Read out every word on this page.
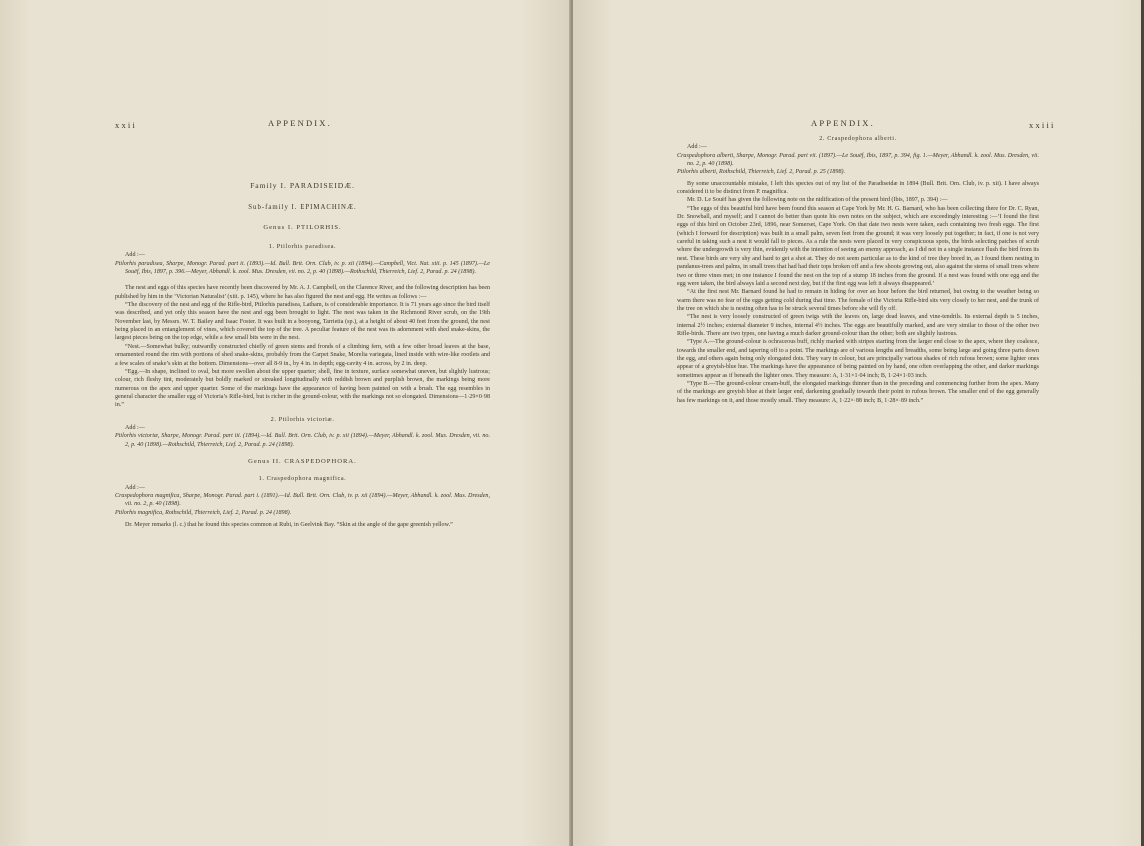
xxii	APPENDIX.

Family I. PARADISEIDÆ.

Sub-family I. EPIMACHINÆ.

Genus I. PTILORHIS.

1. Ptilorhis paradisea.

Add :—

Ptilorhis paradisea, Sharpe, Monogr. Parad. part ii. (1893).—Id. Bull. Brit. Orn. Club, iv. p. xii (1894).—Campbell, Vict. Nat. xiii. p. 145 (1897).—Le Souëf, Ibis, 1897, p. 396.—Meyer, Abhandl. k. zool. Mus. Dresden, vii. no. 2, p. 40 (1898).—Rothschild, Thierreich, Lief. 2, Parad. p. 24 (1898).

The nest and eggs of this species have recently been discovered by Mr. A. J. Campbell, on the Clarence River, and the following description has been published by him in the ‘Victorian Naturalist’ (xiii. p. 145), where he has also figured the nest and egg. He writes as follows :—

“The discovery of the nest and egg of the Rifle-bird, Ptilorhis paradisea, Latham, is of considerable importance. It is 71 years ago since the bird itself was described, and yet only this season have the nest and egg been brought to light. The nest was taken in the Richmond River scrub, on the 19th November last, by Messrs. W. T. Bailey and Isaac Foster. It was built in a booyong, Tarrietia (sp.), at a height of about 40 feet from the ground, the nest being placed in an entanglement of vines, which covered the top of the tree. A peculiar feature of the nest was its adornment with shed snake-skins, the largest pieces being on the top edge, while a few small bits were in the nest.

“Nest.—Somewhat bulky; outwardly constructed chiefly of green stems and fronds of a climbing fern, with a few other broad leaves at the base, ornamented round the rim with portions of shed snake-skins, probably from the Carpet Snake, Morelia variegata, lined inside with wire-like rootlets and a few scales of snake’s skin at the bottom. Dimensions—over all 8-9 in., by 4 in. in depth; egg-cavity 4 in. across, by 2 in. deep.

“Egg.—In shape, inclined to oval, but more swollen about the upper quarter; shell, fine in texture, surface somewhat uneven, but slightly lustrous; colour, rich fleshy tint, moderately but boldly marked or streaked longitudinally with reddish brown and purplish brown, the markings being more numerous on the apex and upper quarter. Some of the markings have the appearance of having been painted on with a brush. The egg resembles in general character the smaller egg of Victoria’s Rifle-bird, but is richer in the ground-colour, with the markings not so elongated. Dimensions—1·29×0·98 in.”

2. Ptilorhis victoriæ.

Add :—

Ptilorhis victoriæ, Sharpe, Monogr. Parad. part iii. (1894).—Id. Bull. Brit. Orn. Club, iv. p. xii (1894).—Meyer, Abhandl. k. zool. Mus. Dresden, vii. no. 2, p. 40 (1898).—Rothschild, Thierreich, Lief. 2, Parad. p. 24 (1898).

Genus II. CRASPEDOPHORA.

1. Craspedophora magnifica.

Add :—

Craspedophora magnifica, Sharpe, Monogr. Parad. part i. (1891).—Id. Bull. Brit. Orn. Club, iv. p. xii (1894).—Meyer, Abhandl. k. zool. Mus. Dresden, vii. no. 2, p. 40 (1898).

Ptilorhis magnifica, Rothschild, Thierreich, Lief. 2, Parad. p. 24 (1898).

Dr. Meyer remarks (l. c.) that he found this species common at Rubi, in Geelvink Bay. “Skin at the angle of the gape greenish yellow.”

APPENDIX.	xxiii

2. Craspedophora alberti.

Add :—

Craspedophora alberti, Sharpe, Monogr. Parad. part vii. (1897).—Le Souëf, Ibis, 1897, p. 394, fig. 1.—Meyer, Abhandl. k. zool. Mus. Dresden, vii. no. 2, p. 40 (1898).

Ptilorhis alberti, Rothschild, Thierreich, Lief. 2, Parad. p. 25 (1898).

By some unaccountable mistake, I left this species out of my list of the Paradiseidæ in 1894 (Bull. Brit. Orn. Club, iv. p. xii). I have always considered it to be distinct from P. magnifica.

Mr. D. Le Souëf has given the following note on the nidification of the present bird (Ibis, 1897, p. 394) :—

“The eggs of this beautiful bird have been found this season at Cape York by Mr. H. G. Barnard, who has been collecting there for Dr. C. Ryan, Dr. Snowball, and myself; and I cannot do better than quote his own notes on the subject, which are exceedingly interesting :—‘I found the first eggs of this bird on October 23rd, 1896, near Somerset, Cape York. On that date two nests were taken, each containing two fresh eggs. The first (which I forward for description) was built in a small palm, seven feet from the ground; it was very loosely put together; in fact, if one is not very careful in taking such a nest it would fall to pieces. As a rule the nests were placed in very conspicuous spots, the birds selecting patches of scrub where the undergrowth is very thin, evidently with the intention of seeing an enemy approach, as I did not in a single instance flush the bird from its nest. These birds are very shy and hard to get a shot at. They do not seem particular as to the kind of tree they breed in, as I found them nesting in pandanus-trees and palms, in small trees that had had their tops broken off and a few shoots growing out, also against the stems of small trees where two or three vines met; in one instance I found the nest on the top of a stump 18 inches from the ground. If a nest was found with one egg and the egg were taken, the bird always laid a second next day, but if the first egg was left it always disappeared.’

“At the first nest Mr. Barnard found he had to remain in hiding for over an hour before the bird returned, but owing to the weather being so warm there was no fear of the eggs getting cold during that time. The female of the Victoria Rifle-bird sits very closely to her nest, and the trunk of the tree on which she is nesting often has to be struck several times before she will fly off.

“The nest is very loosely constructed of green twigs with the leaves on, large dead leaves, and vine-tendrils. Its external depth is 5 inches, internal 2½ inches; external diameter 9 inches, internal 4½ inches. The eggs are beautifully marked, and are very similar to those of the other two Rifle-birds. There are two types, one having a much darker ground-colour than the other; both are slightly lustrous.

“Type A.—The ground-colour is ochraceous buff, richly marked with stripes starting from the larger end close to the apex, where they coalesce, towards the smaller end, and tapering off to a point. The markings are of various lengths and breadths, some being large and going three parts down the egg, and others again being only elongated dots. They vary in colour, but are principally various shades of rich rufous brown; some lighter ones appear of a greyish-blue hue. The markings have the appearance of being painted on by hand, one often overlapping the other, and darker markings sometimes appear as if beneath the lighter ones. They measure: A, 1·31×1·04 inch; B, 1·24×1·03 inch.

“Type B.—The ground-colour cream-buff, the elongated markings thinner than in the preceding and commencing further from the apex. Many of the markings are greyish blue at their larger end, darkening gradually towards their point to rufous brown. The smaller end of the egg generally has few markings on it, and those mostly small. They measure: A, 1·22×·88 inch; B, 1·28×·89 inch.”
